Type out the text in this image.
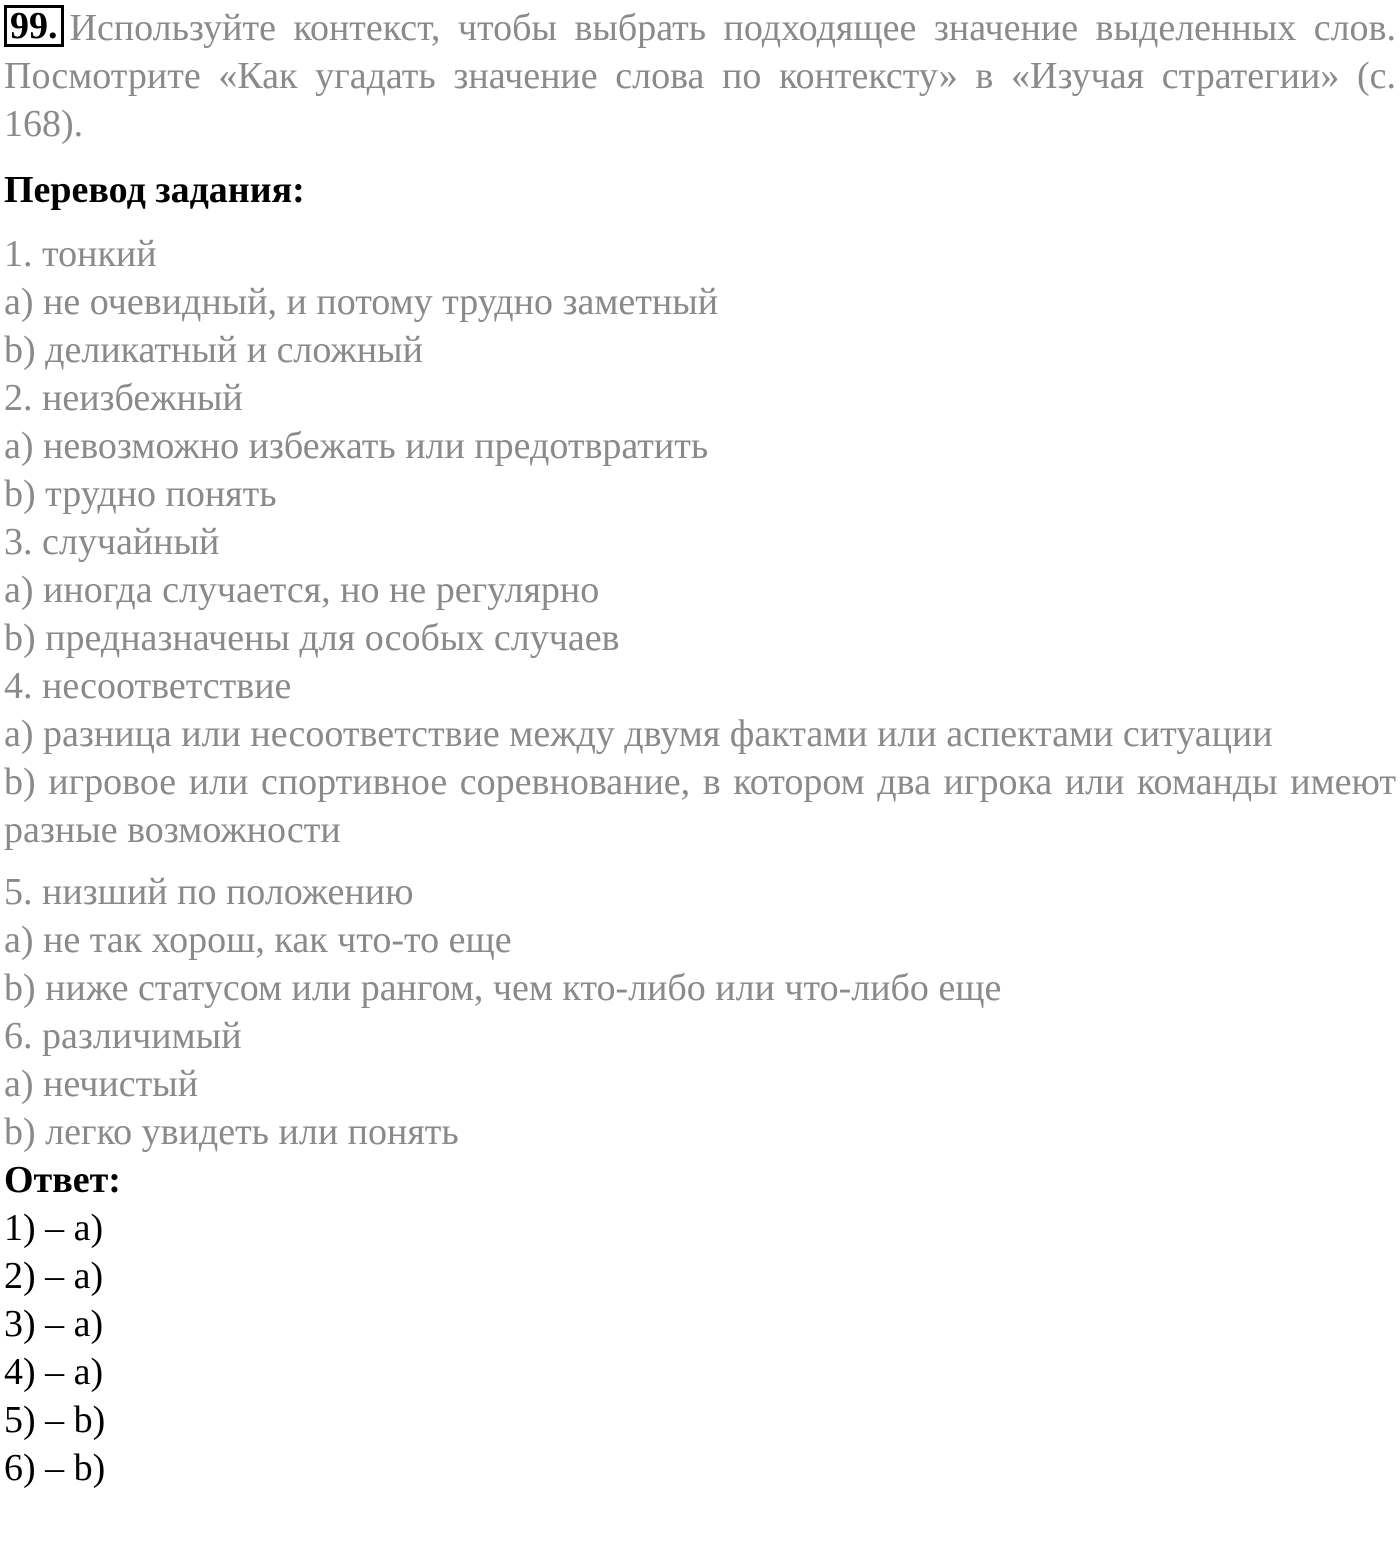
99. Используйте контекст, чтобы выбрать подходящее значение выделенных слов. Посмотрите «Как угадать значение слова по контексту» в «Изучая стратегии» (с. 168).

Перевод задания:

1. тонкий

a) не очевидный, и потому трудно заметный

b) деликатный и сложный

2. неизбежный

a) невозможно избежать или предотвратить

b) трудно понять

3. случайный

a) иногда случается, но не регулярно

b) предназначены для особых случаев

4. несоответствие

a) разница или несоответствие между двумя фактами или аспектами ситуации

b) игровое или спортивное соревнование, в котором два игрока или команды имеют разные возможности

5. низший по положению

a) не так хорош, как что-то еще

b) ниже статусом или рангом, чем кто-либо или что-либо еще

6. различимый

a) нечистый

b) легко увидеть или понять

Ответ:

1) – a)

2) – a)

3) – a)

4) – a)

5) – b)

6) – b)
